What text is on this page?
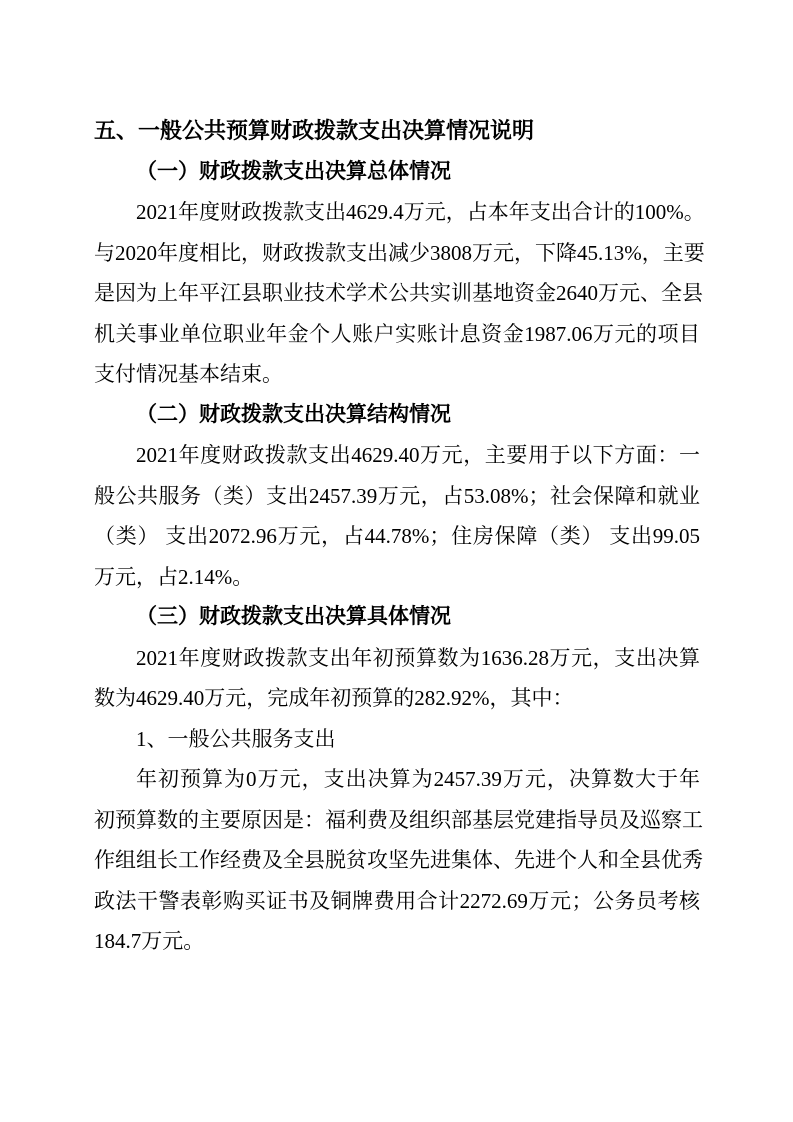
五、一般公共预算财政拨款支出决算情况说明
（一）财政拨款支出决算总体情况
2021年度财政拨款支出4629.4万元，占本年支出合计的100%。
与2020年度相比，财政拨款支出减少3808万元，下降45.13%，主要
是因为上年平江县职业技术学术公共实训基地资金2640万元、全县
机关事业单位职业年金个人账户实账计息资金1987.06万元的项目
支付情况基本结束。
（二）财政拨款支出决算结构情况
2021年度财政拨款支出4629.40万元，主要用于以下方面：一
般公共服务（类）支出2457.39万元，占53.08%；社会保障和就业
（类） 支出2072.96万元，占44.78%；住房保障（类） 支出99.05
万元，占2.14%。
（三）财政拨款支出决算具体情况
2021年度财政拨款支出年初预算数为1636.28万元，支出决算
数为4629.40万元，完成年初预算的282.92%，其中：
1、一般公共服务支出
年初预算为0万元，支出决算为2457.39万元，决算数大于年
初预算数的主要原因是：福利费及组织部基层党建指导员及巡察工
作组组长工作经费及全县脱贫攻坚先进集体、先进个人和全县优秀
政法干警表彰购买证书及铜牌费用合计2272.69万元；公务员考核
184.7万元。
